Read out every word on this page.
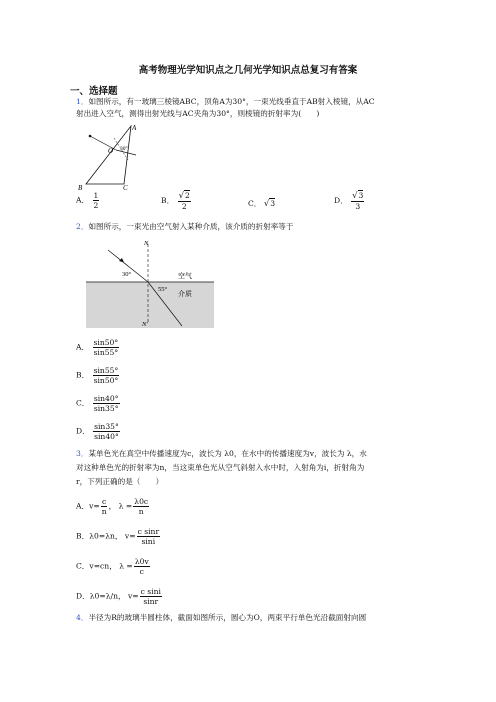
高考物理光学知识点之几何光学知识点总复习有答案
一、选择题
1．如图所示，有一玻璃三棱镜ABC，顶角A为30°，一束光线垂直于AB射入棱镜，从AC
射出进入空气，测得出射光线与AC夹角为30°，则棱镜的折射率为(　　)
A
B	C
O 30°
A． $\frac{1}{2}$	B． $\frac{√2}{2}$	C． √3	D． $\frac{√3}{3}$
2．如图所示，一束光由空气射入某种介质，该介质的折射率等于
N
N'
30°
55°
空气
介质
A． $\frac{\sin 50^\circ}{\sin 55^\circ}$
B． $\frac{\sin 55^\circ}{\sin 50^\circ}$
C． $\frac{\sin 40^\circ}{\sin 35^\circ}$
D． $\frac{\sin 35^\circ}{\sin 40^\circ}$
3．某单色光在真空中传播速度为c，波长为 λ0，在水中的传播速度为v，波长为 λ，水
对这种单色光的折射率为n，当这束单色光从空气斜射入水中时，入射角为i，折射角为
r，下列正确的是（　　）
A．$v= \frac{c}{n}$ ， $\lambda = \frac{\lambda 0c}{n}$
B．λ0=λn， $v= \frac{\text{c sinr}}{\sin i}$
C．v=cn， $\lambda = \frac{\lambda 0v}{c}$
D．λ0=λ/n， $v= \frac{\text{c sini}}{\sin r}$
4．半径为R的玻璃半圆柱体，截面如图所示，圆心为O，两束平行单色光沿截面射向圆
